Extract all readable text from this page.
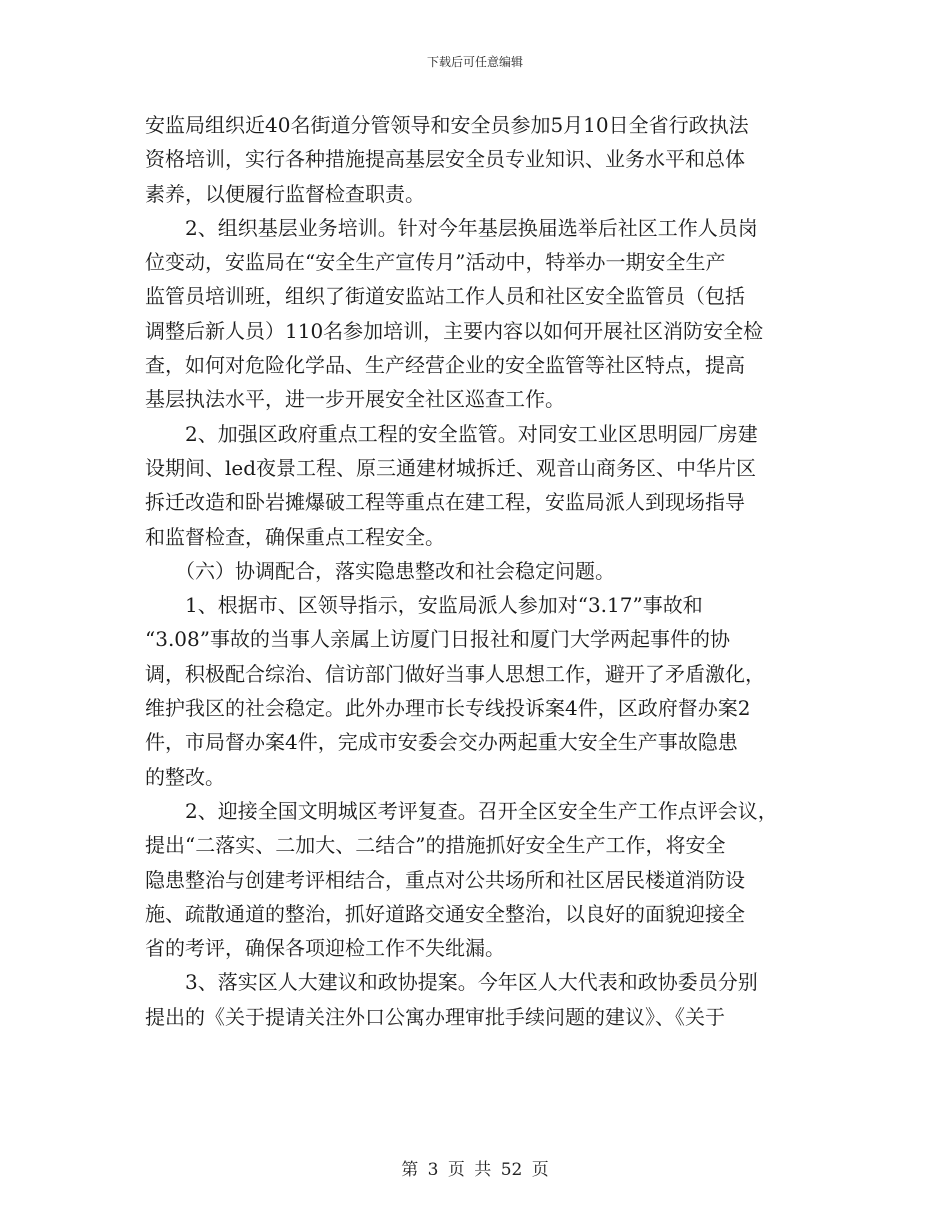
下载后可任意编辑

安监局组织近40名街道分管领导和安全员参加5月10日全省行政执法
资格培训，实行各种措施提高基层安全员专业知识、业务水平和总体
素养，以便履行监督检查职责。
　　2、组织基层业务培训。针对今年基层换届选举后社区工作人员岗
位变动，安监局在“安全生产宣传月”活动中，特举办一期安全生产
监管员培训班，组织了街道安监站工作人员和社区安全监管员（包括
调整后新人员）110名参加培训，主要内容以如何开展社区消防安全检
查，如何对危险化学品、生产经营企业的安全监管等社区特点，提高
基层执法水平，进一步开展安全社区巡查工作。
　　2、加强区政府重点工程的安全监管。对同安工业区思明园厂房建
设期间、led夜景工程、原三通建材城拆迁、观音山商务区、中华片区
拆迁改造和卧岩摊爆破工程等重点在建工程，安监局派人到现场指导
和监督检查，确保重点工程安全。
　　（六）协调配合，落实隐患整改和社会稳定问题。
　　1、根据市、区领导指示，安监局派人参加对“3.17”事故和
“3.08”事故的当事人亲属上访厦门日报社和厦门大学两起事件的协
调，积极配合综治、信访部门做好当事人思想工作，避开了矛盾激化，
维护我区的社会稳定。此外办理市长专线投诉案4件，区政府督办案2
件，市局督办案4件，完成市安委会交办两起重大安全生产事故隐患
的整改。
　　2、迎接全国文明城区考评复查。召开全区安全生产工作点评会议，
提出“二落实、二加大、二结合”的措施抓好安全生产工作，将安全
隐患整治与创建考评相结合，重点对公共场所和社区居民楼道消防设
施、疏散通道的整治，抓好道路交通安全整治，以良好的面貌迎接全
省的考评，确保各项迎检工作不失纰漏。
　　3、落实区人大建议和政协提案。今年区人大代表和政协委员分别
提出的《关于提请关注外口公寓办理审批手续问题的建议》、《关于

第 3 页 共 52 页
